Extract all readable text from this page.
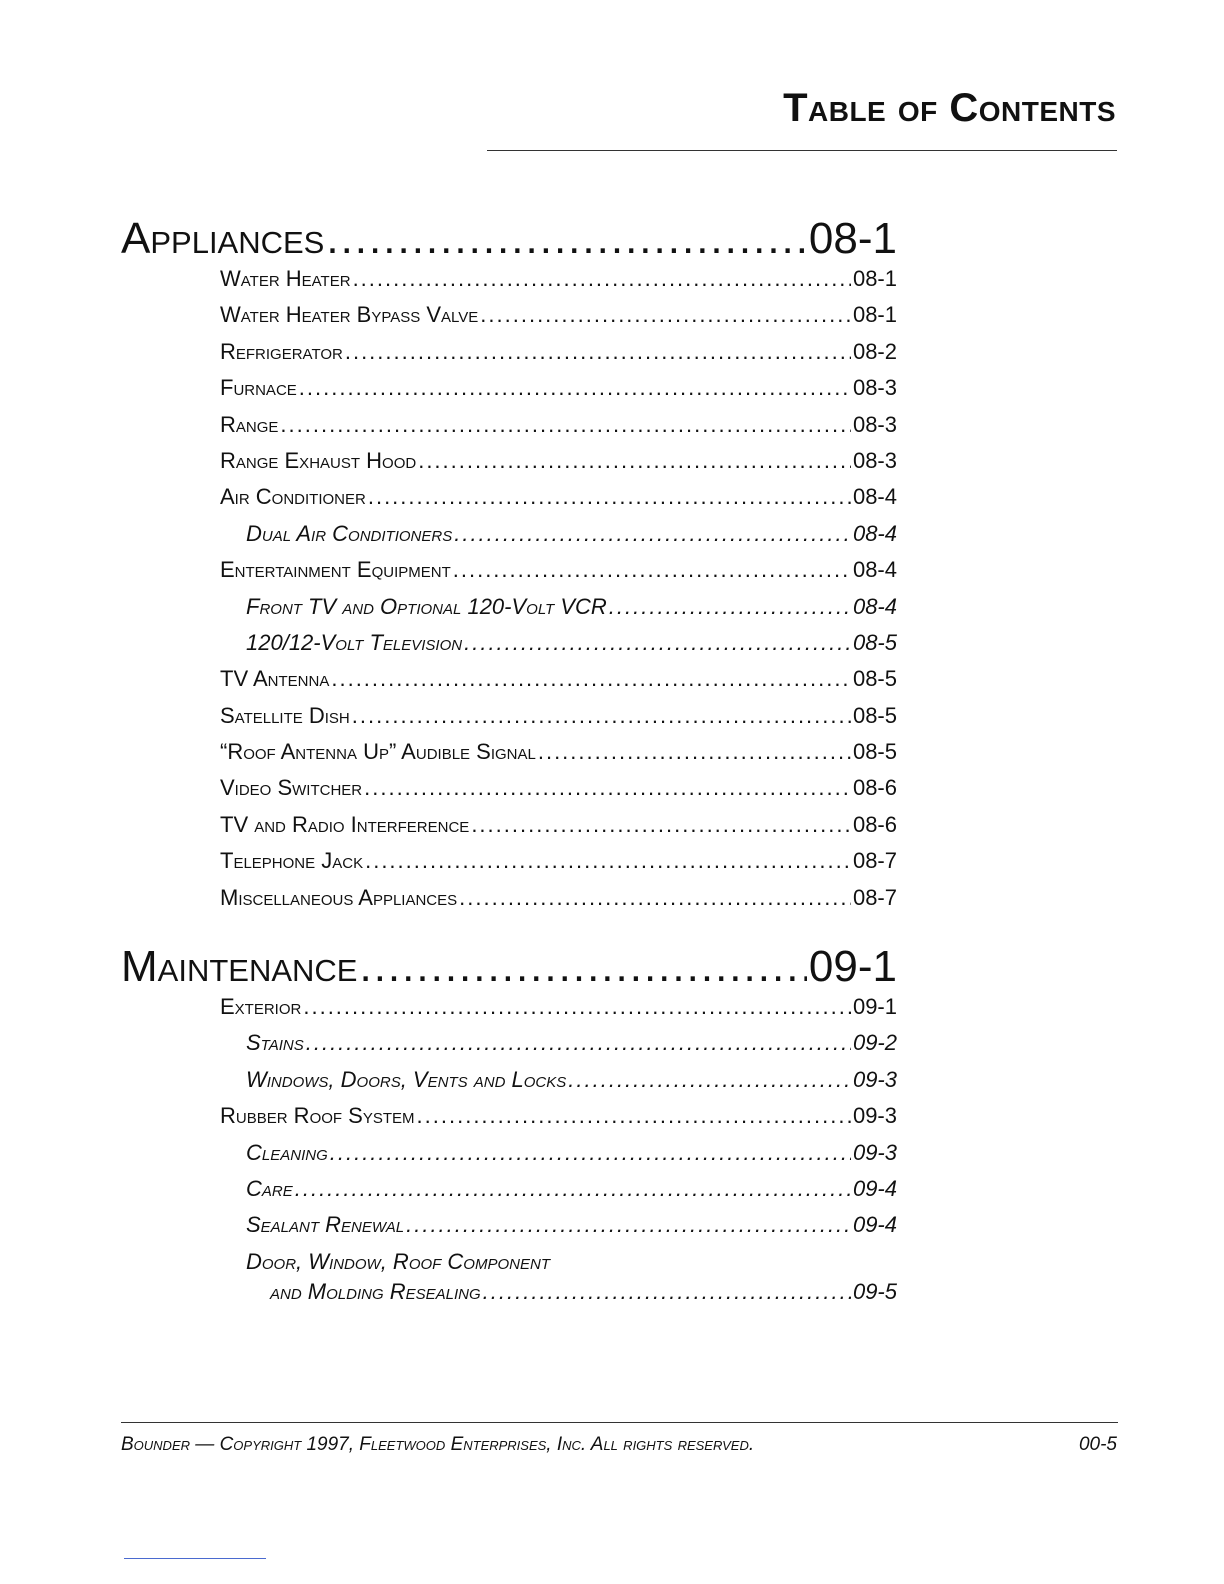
Table of Contents
Appliances .....	08-1
Water Heater .....	08-1
Water Heater Bypass Valve .....	08-1
Refrigerator .....	08-2
Furnace .....	08-3
Range .....	08-3
Range Exhaust Hood .....	08-3
Air Conditioner .....	08-4
Dual Air Conditioners .....	08-4
Entertainment Equipment .....	08-4
Front TV and Optional 120-Volt VCR .....	08-4
120/12-Volt Television .....	08-5
TV Antenna .....	08-5
Satellite Dish .....	08-5
“Roof Antenna Up” Audible Signal .....	08-5
Video Switcher .....	08-6
TV and Radio Interference .....	08-6
Telephone Jack .....	08-7
Miscellaneous Appliances .....	08-7
Maintenance .....	09-1
Exterior .....	09-1
Stains .....	09-2
Windows, Doors, Vents and Locks .....	09-3
Rubber Roof System .....	09-3
Cleaning .....	09-3
Care .....	09-4
Sealant Renewal .....	09-4
Door, Window, Roof Component
and Molding Resealing .....	09-5
Bounder — Copyright 1997, Fleetwood Enterprises, Inc. All rights reserved.	00-5
